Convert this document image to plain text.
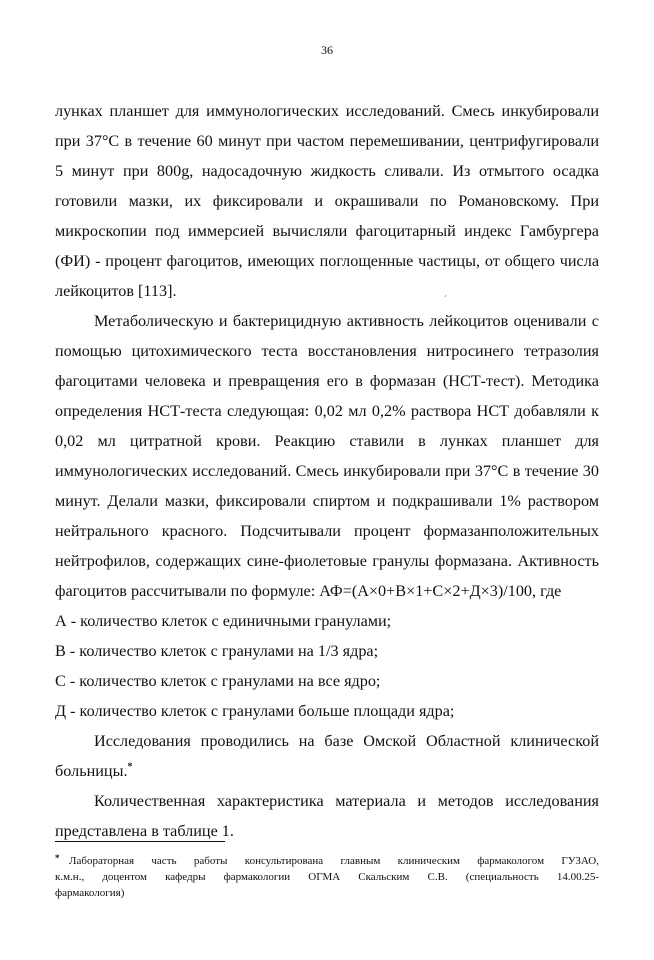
36
лунках планшет для иммунологических исследований. Смесь инкубировали
при 37°С в течение 60 минут при частом перемешивании, центрифугировали
5 минут при 800g, надосадочную жидкость сливали. Из отмытого осадка
готовили мазки, их фиксировали и окрашивали по Романовскому. При
микроскопии под иммерсией вычисляли фагоцитарный индекс Гамбургера
(ФИ) - процент фагоцитов, имеющих поглощенные частицы, от общего числа
лейкоцитов [113].	´
Метаболическую и бактерицидную активность лейкоцитов оценивали с
помощью цитохимического теста восстановления нитросинего тетразолия
фагоцитами человека и превращения его в формазан (НСТ-тест). Методика
определения НСТ-теста следующая: 0,02 мл 0,2% раствора НСТ добавляли к
0,02 мл цитратной крови. Реакцию ставили в лунках планшет для
иммунологических исследований. Смесь инкубировали при 37°С в течение 30
минут. Делали мазки, фиксировали спиртом и подкрашивали 1% раствором
нейтрального красного. Подсчитывали процент формазанположительных
нейтрофилов, содержащих сине-фиолетовые гранулы формазана. Активность
фагоцитов рассчитывали по формуле: АФ=(А×0+В×1+С×2+Д×3)/100, где
А - количество клеток с единичными гранулами;
В - количество клеток с гранулами на 1/3 ядра;
С - количество клеток с гранулами на все ядро;
Д - количество клеток с гранулами больше площади ядра;
Исследования проводились на базе Омской Областной клинической
больницы.*
Количественная характеристика материала и методов исследования
представлена в таблице 1.
* Лабораторная часть работы консультирована главным клиническим фармакологом ГУЗАО,
к.м.н., доцентом кафедры фармакологии ОГМА Скальским С.В. (специальность 14.00.25-
фармакология)
